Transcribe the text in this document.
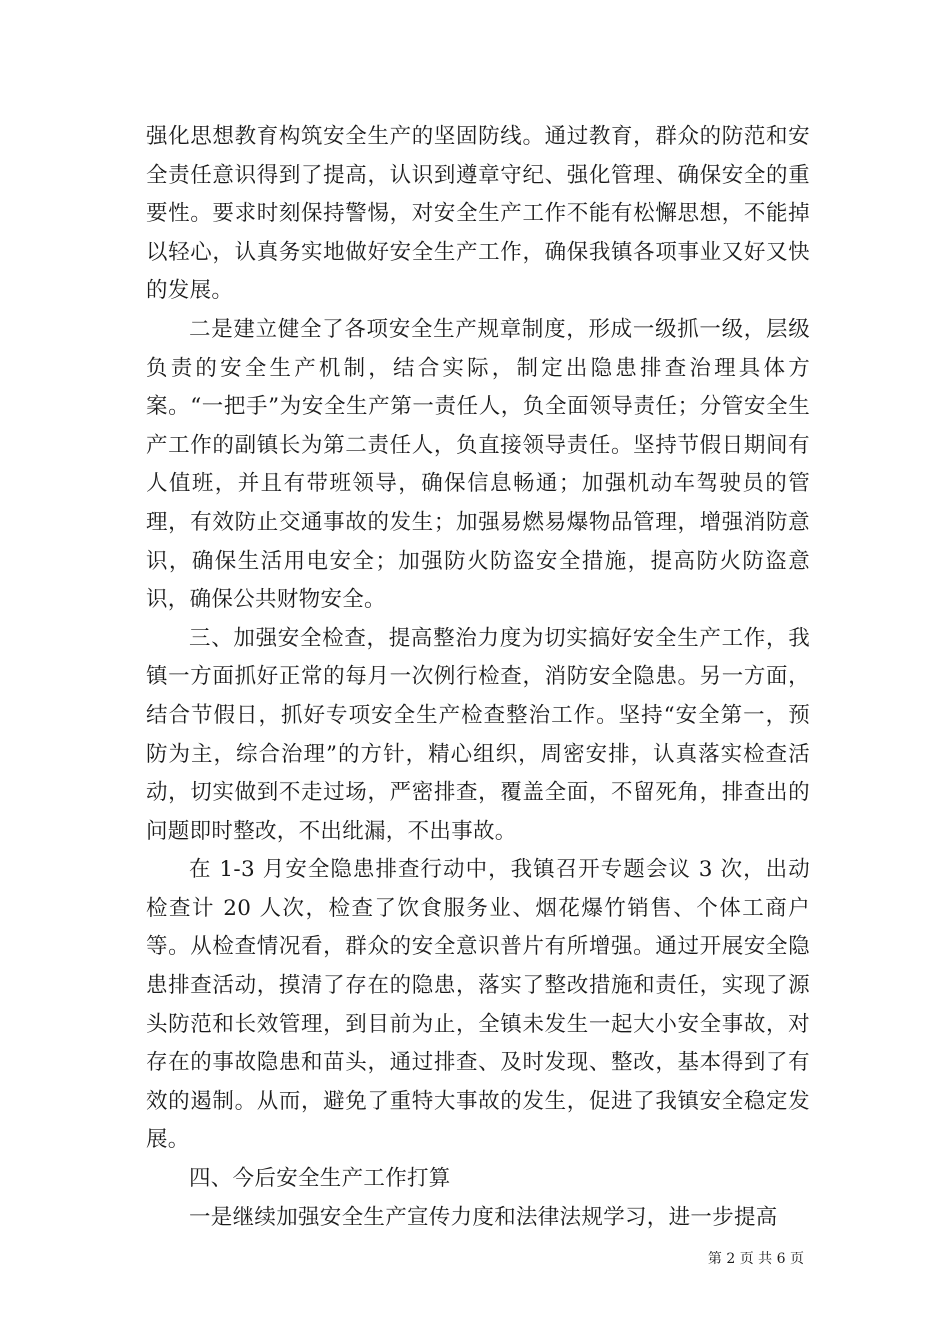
强化思想教育构筑安全生产的坚固防线。通过教育，群众的防范和安全责任意识得到了提高，认识到遵章守纪、强化管理、确保安全的重要性。要求时刻保持警惕，对安全生产工作不能有松懈思想，不能掉以轻心，认真务实地做好安全生产工作，确保我镇各项事业又好又快的发展。

二是建立健全了各项安全生产规章制度，形成一级抓一级，层级负责的安全生产机制，结合实际，制定出隐患排查治理具体方案。“一把手”为安全生产第一责任人，负全面领导责任；分管安全生产工作的副镇长为第二责任人，负直接领导责任。坚持节假日期间有人值班，并且有带班领导，确保信息畅通；加强机动车驾驶员的管理，有效防止交通事故的发生；加强易燃易爆物品管理，增强消防意识，确保生活用电安全；加强防火防盗安全措施，提高防火防盗意识，确保公共财物安全。

三、加强安全检查，提高整治力度为切实搞好安全生产工作，我镇一方面抓好正常的每月一次例行检查，消防安全隐患。另一方面，结合节假日，抓好专项安全生产检查整治工作。坚持“安全第一，预防为主，综合治理”的方针，精心组织，周密安排，认真落实检查活动，切实做到不走过场，严密排查，覆盖全面，不留死角，排查出的问题即时整改，不出纰漏，不出事故。

在 1-3 月安全隐患排查行动中，我镇召开专题会议 3 次，出动检查计 20 人次，检查了饮食服务业、烟花爆竹销售、个体工商户等。从检查情况看，群众的安全意识普片有所增强。通过开展安全隐患排查活动，摸清了存在的隐患，落实了整改措施和责任，实现了源头防范和长效管理，到目前为止，全镇未发生一起大小安全事故，对存在的事故隐患和苗头，通过排查、及时发现、整改，基本得到了有效的遏制。从而，避免了重特大事故的发生，促进了我镇安全稳定发展。

四、今后安全生产工作打算

一是继续加强安全生产宣传力度和法律法规学习，进一步提高

第 2 页 共 6 页
